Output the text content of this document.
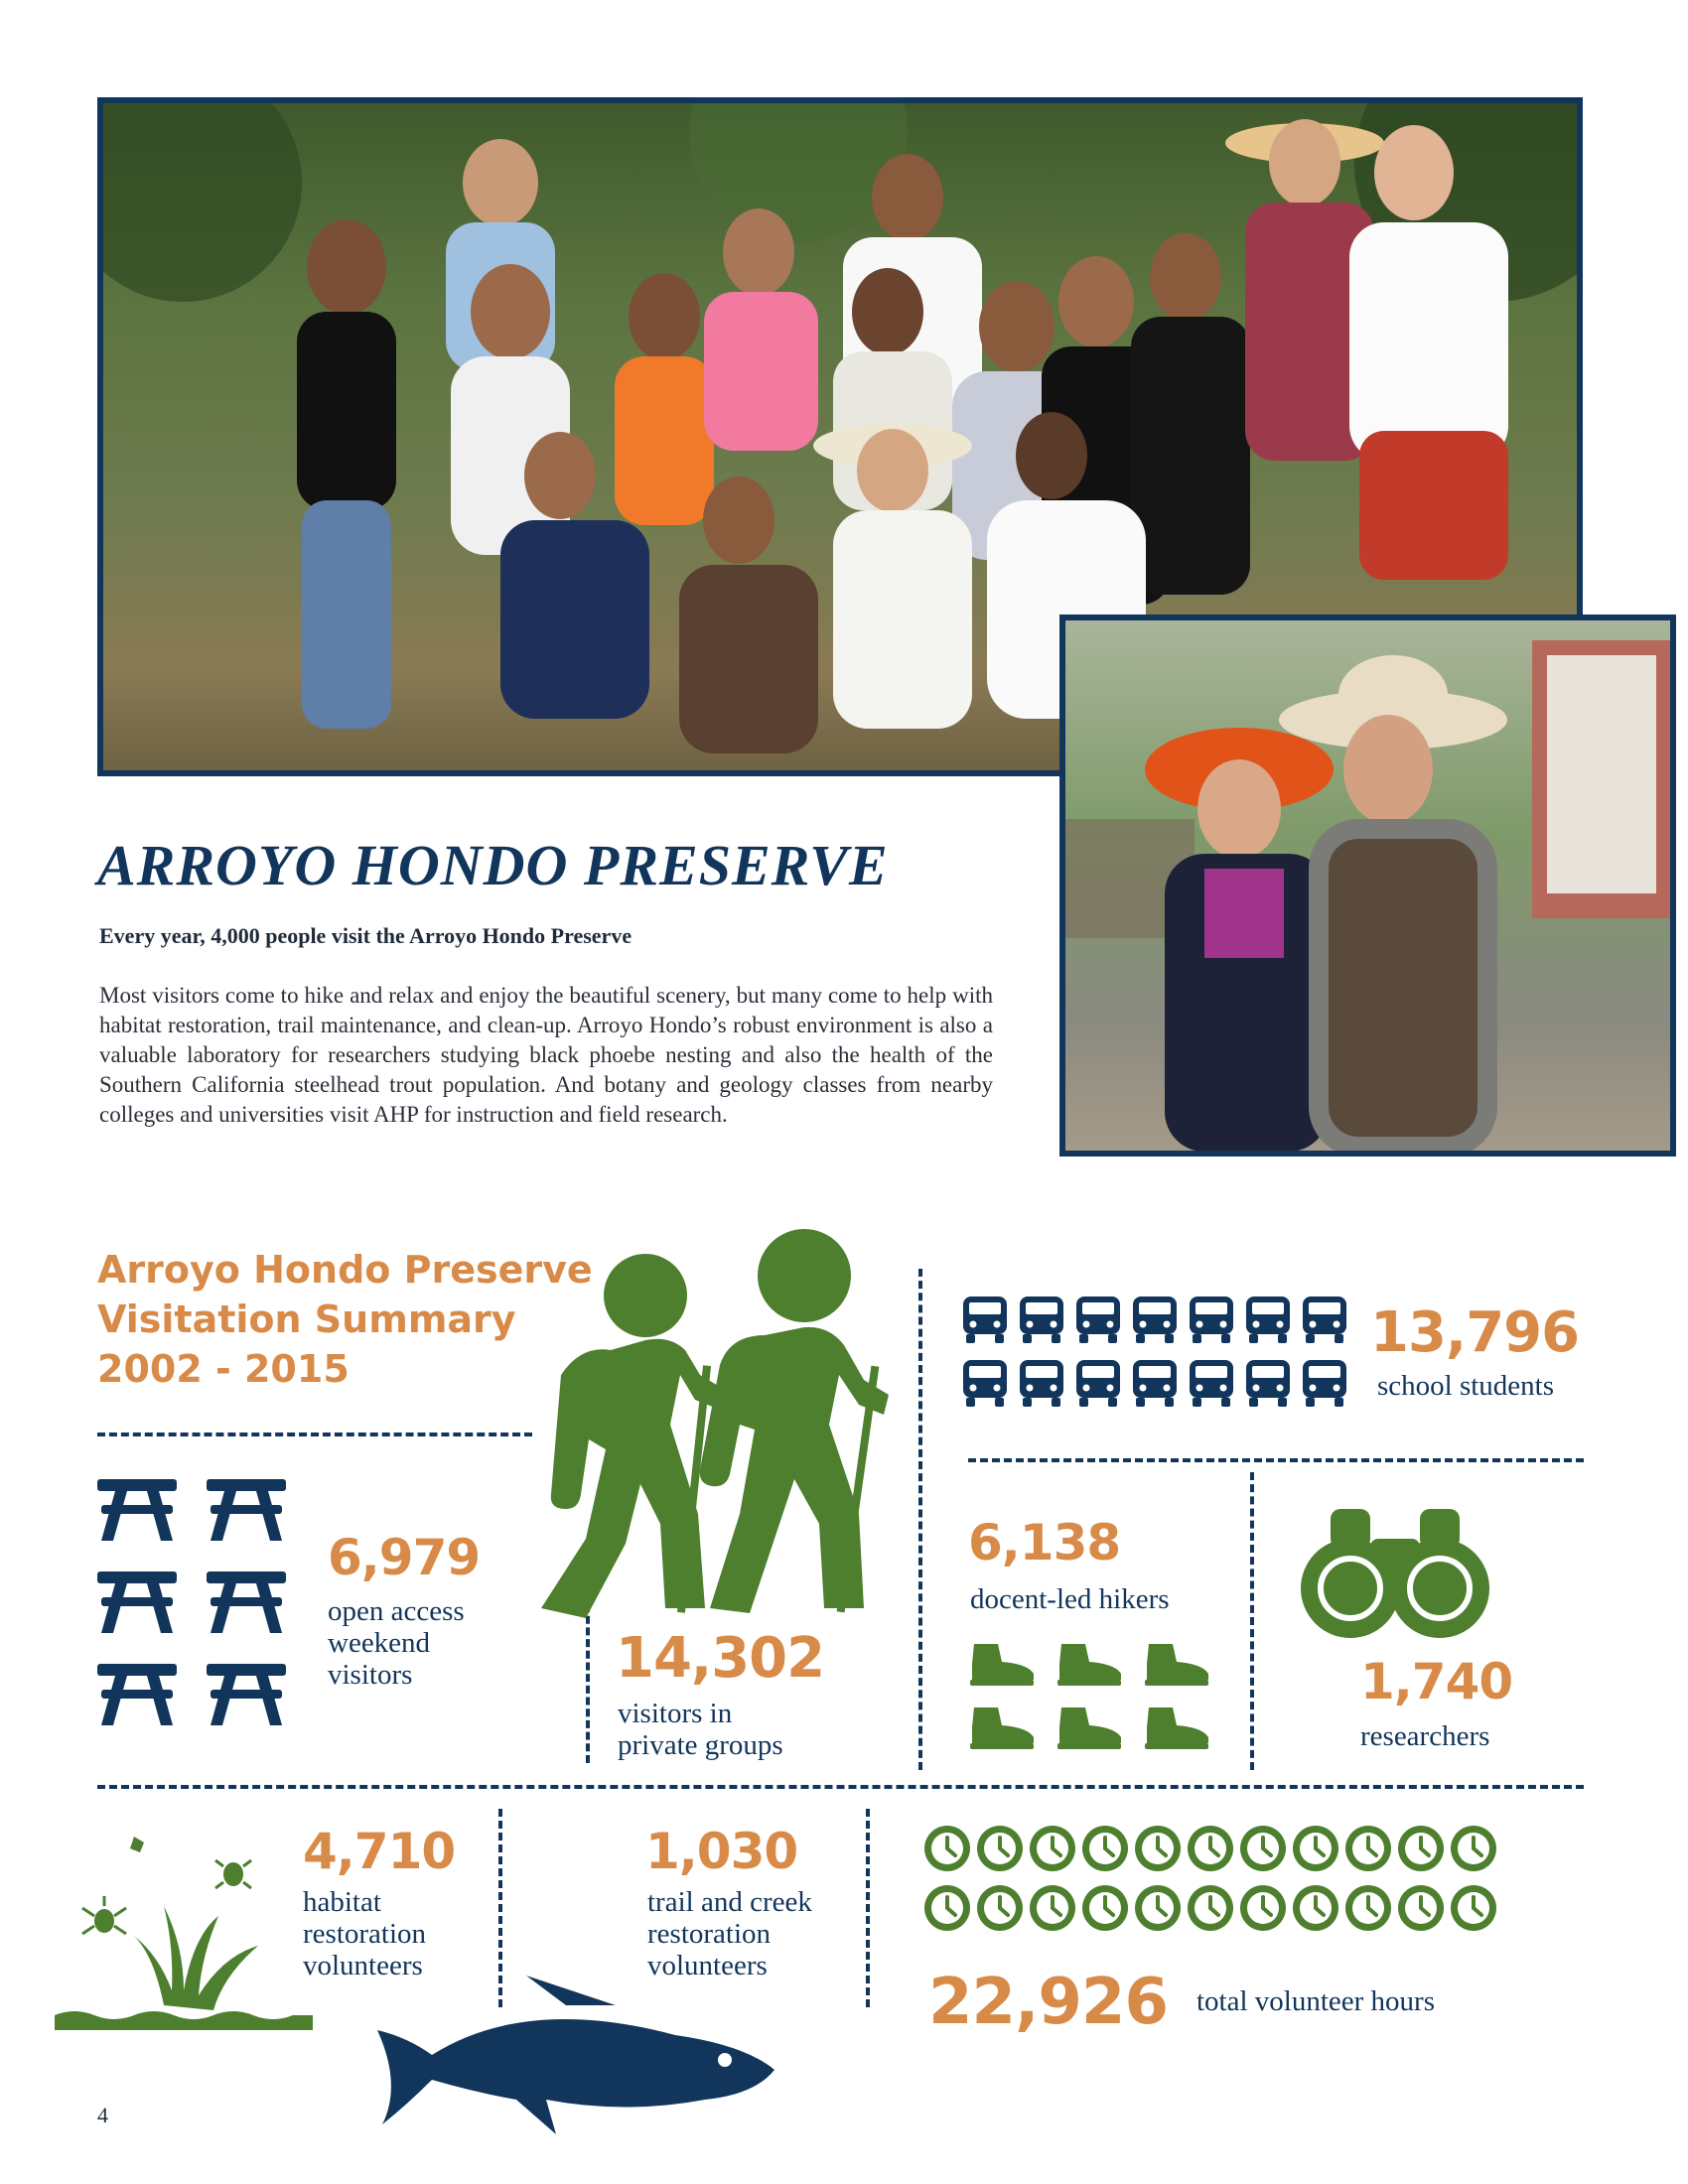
ARROYO HONDO PRESERVE
Every year, 4,000 people visit the Arroyo Hondo Preserve
Most visitors come to hike and relax and enjoy the beautiful scenery, but many come to help with habitat restoration, trail maintenance, and clean-up. Arroyo Hondo’s robust environment is also a valuable laboratory for researchers studying black phoebe nesting and also the health of the Southern California steelhead trout population. And botany and geology classes from nearby colleges and universities visit AHP for instruction and field research.
Arroyo Hondo Preserve
Visitation Summary
2002 - 2015
13,796
school students
6,979
open access
weekend
visitors	14,302
visitors in
private groups
6,138
docent-led hikers
1,740
researchers
4,710
habitat
restoration
volunteers
1,030
trail and creek
restoration
volunteers	22,926 total volunteer hours
4
